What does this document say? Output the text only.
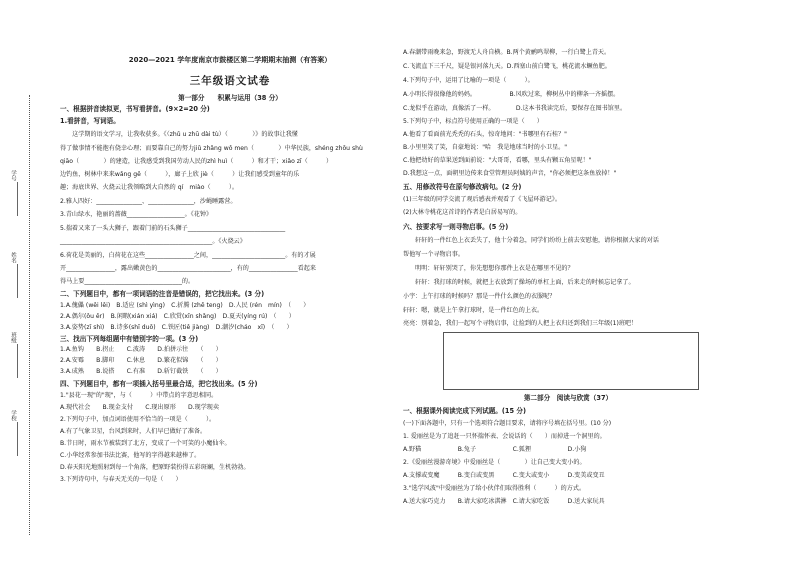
学号
姓名
班级
学校
2020—2021 学年度南京市鼓楼区第二学期期末抽测（有答案）
三年级语文试卷
第一部分　　积累与运用（38 分）
一、根据拼音读拟更，书写看拼音。(9×2=20 分)
1.看拼音，写词语。
　　这学期的语文学习，让我收获多。《（zhǔ u zhū dài tù）（　　　　）》的故事让我懂
得了做事情不能抱有侥幸心理；而要靠自己的努力jiǔ zhǎng wǒ men（　　　　）中华民族，shéng zhōu shù
qiāo（　　　　）的建造，让我感受到我国劳动人民的zhì huì（　　　）和才干；xiǎo zī（　　　）
边钓鱼，树林中来来wǎng gē（　　　），廊子上欣 jiè（　　　）让我们感受到童年的乐
趣；海底世界、火烧云让我领略到大自然的 qí　miào（　　　）。
2.雅人四好：_______________、_______________，沙蝇睡露营。
3.青山绿水，艳丽的蔷薇___________________。《花钟》
5.揣着又来了一头大狮子，跟着门前的石头狮子________________________________
__________________________________________________。《火烧云》
6.荷花是美丽的，白荷花在这些________________之间，________________________。有的才展
开________________，露出嫩黄色的________________________，有的________________看起来
得马上要________________________________的。
二、下列题目中，都有一项词语的注音是错误的，把它找出来。(3 分)
1.A.傀儡 (wěi lěi)　B.适应 (shì yìng)　C.折腾 (zhē teng)　D.人民 (rén　mín)　（　　）
2.A.偶尔(ǒu ěr)　B.闲暇(xián xiá)　C.欣赏(xīn shǎng)　D.夏天(yíng rú)　（　　）
3.A.姿势(zī shì)　B.诗多(shī duō)　C.铁匠(tiě jiàng)　D.潮汐(cháo　xī)　（　　）
三、找出下列每组题中有错别字的一项。(3 分)
1.A.鱼钩　　B.拐止　　C.波涛　　D.拍拼示往　　（　　）
2.A.安霉　　B.脚印　　C.休息　　D.繁花似锦　　（　　）
3.A.成熟　　B.说搭　　C.有准　　D.斩钉截铁　　（　　）
四、下列题目中，都有一项插入括号里最合适，把它找出来。(5 分)
1."县花一现"的"现"，与（　　　）中带点的字意思相同。
A.现代社会　　B.现金支付　　C.现出原形　　D.现学现卖
2.下列句子中，加点词语使用不恰当的一项是（　　　）。
A.有了气象卫星，台风到来时，人们早已做好了准备。
B.节日时，雨水节被装到了北方，变成了一个可笑的小魔仙伞。
C.小华经常参加书法比赛，他写的字得越来越棒了。
D.春天阳光地照射到每一个角落，把原野装扮得五彩斑斓，生机勃勃。
3.下列诗句中，与春天无关的一句是（　　）
A.春潮带雨晚来急，野渡无人舟自横。B.两个黄鹂鸣翠柳，一行白鹭上青天。
C.飞流直下三千尺，疑是银河落九天。D.西塞山前白鹭飞，桃花流水鳜鱼肥。
4.下列句子中，运用了比喻的一项是（　　　）。
A.小明长得很像他的妈妈。　　　　　　B.风吹过来，柳树丛中的柳条一齐摇摆。
C.龙似乎在游动，真像活了一样。　　　　D.这本书我读完后，要保存在图书馆里。
5.下列句子中，标点符号使用正确的一项是（　　）
A.他看了看面前光秃秃的石头，惊奇地问："书哪里有石桂？"
B.小里里笑了笑，自豪地说："哈　我是地球当时的小卫星。"
C.他把幼好的草果送到面前说："大哥哥，看哪，里头有颗五角星呢！"
D.我想这一点，面朝里边传来食堂管理员阿姨的声音，"你必须把这条鱼放掉！"
五、用修改符号在原句修改病句。(2 分)
(1)三年级的同学交流了观后感表并观看了《飞屋环游记》。
(2)大林寺桃花这首诗的作者是白居易写的。
六、按要求写一则寻物启事。(5 分)
　　轩轩的一件红色上衣丢失了，他十分着急，同学们纷纷上前去安慰他，请你根据大家的对话
帮他写一个寻物启事。
　　明明：轩轩别哭了，你先想想你那件上衣是在哪里不见的？
　　轩轩：我打球的时候，就把上衣放到了操场的单杠上面，后来走的时候忘记拿了。
小宇：上午打球的时候吗？那是一件什么颜色的衣服呢？
轩轩：嗯，就是上午拿打球时，是一件红色的上衣。
亮亮：别着急，我们一起写个寻物启事，让捡到的人把上衣归还到我们三年级(1)班吧！
第二部分　阅读与欣赏（37）
一、根据课外阅读完成下列试题。(15 分)
(一)下面各题中，只有一个选项符合题目要求，请将序号填在括号里。(10 分)
1. 爱丽丝是为了追赶一只怀揣怀表、会说话的（　　）而掉进一个洞里的。
A.野猫　　　　　　B.兔子　　　　　　C.狐狸　　　　　　D.小狗
2.《爱丽丝漫游奇境》中爱丽丝是（　　　　）让自己变大变小的。
A.支撑或变魔　　　B.变白或变黑　　　C.变大或变小　　　D.变美或变丑
3."选学风波"中爱丽丝为了给小伙伴们取得胜利（　　　）的方式。
A.送大家巧克力　　B.请大家吃冰淇淋　C.请大家吃饭　　　D.送大家玩具
